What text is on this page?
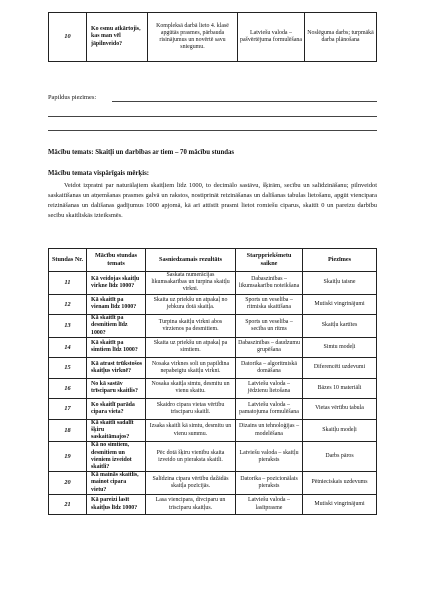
10	Ko esmu atkārtojis, kas man vēl jāpilnveido?	Kompleksā darbā lieto 4. klasē apgūtās prasmes, pārbauda risinājumus un novērtē savu sniegumu.	Latviešu valoda – pašvērtējuma formulēšana	Noslēguma darbs; turpmākā darba plānošana
Papildus piezīmes:
Mācību temats: Skaitļi un darbības ar tiem – 70 mācību stundas
Mācību temata vispārīgais mērķis:
Veidot izpratni par naturālajiem skaitļiem līdz 1000, to decimālo sastāvu, šķirām, secību un salīdzināšanu; pilnveidot saskaitīšanas un atņemšanas prasmes galvā un rakstos, nostiprināt reizināšanas un dalīšanas tabulas lietošanu, apgūt viencipara reizināšanas un dalīšanas gadījumus 1000 apjomā, kā arī attīstīt prasmi lietot romiešu ciparus, skaitīt 0 un pareizu darbību secību skaitliskās izteiksmēs.
Stundas Nr.	Mācību stundas temats	Sasniedzamais rezultāts	Starppriekšmetu saikne	Piezīmes
11	Kā veidojas skaitļu virkne līdz 1000?	Saskata numerācijas likumsakarības un turpina skaitļu virkni.	Dabaszinības – likumsakarību noteikšana	Skaitļu taisne
12	Kā skaitīt pa vienam līdz 1000?	Skaita uz priekšu un atpakaļ no jebkura dotā skaitļa.	Sports un veselība – ritmiska skaitīšana	Mutiski vingrinājumi
13	Kā skaitīt pa desmitiem līdz 1000?	Turpina skaitļu virkni abos virzienos pa desmitiem.	Sports un veselība – secība un ritms	Skaitļu kartītes
14	Kā skaitīt pa simtiem līdz 1000?	Skaita uz priekšu un atpakaļ pa simtiem.	Dabaszinības – daudzumu grupēšana	Simtu modeļi
15	Kā atrast trūkstošos skaitļus virknē?	Nosaka virknes soli un papildina nepabeigtu skaitļu virkni.	Datorika – algoritmiskā domāšana	Diferencēti uzdevumi
16	No kā sastāv trīsciparu skaitlis?	Nosaka skaitļa simtu, desmitu un vienu skaitu.	Latviešu valoda – jēdzienu lietošana	Bāzes 10 materiāli
17	Ko skaitlī parāda cipara vieta?	Skaidro cipara vietas vērtību trīsciparu skaitlī.	Latviešu valoda – pamatojuma formulēšana	Vietas vērtību tabula
18	Kā skaitli sadalīt šķiru saskaitāmajos?	Izsaka skaitli kā simtu, desmitu un vienu summu.	Dizains un tehnoloģijas – modelēšana	Skaitļu modeļi
19	Kā no simtiem, desmitiem un vieniem izveidot skaitli?	Pēc dotā šķiru vienību skaita izveido un pieraksta skaitli.	Latviešu valoda – skaitļu pieraksts	Darbs pāros
20	Kā mainās skaitlis, mainot cipara vietu?	Salīdzina cipara vērtību dažādās skaitļa pozīcijās.	Datorika – pozicionālais pieraksts	Pētnieciskais uzdevums
21	Kā pareizi lasīt skaitļus līdz 1000?	Lasa viencipara, divciparu un trīsciparu skaitļus.	Latviešu valoda – lasītprasme	Mutiski vingrinājumi
